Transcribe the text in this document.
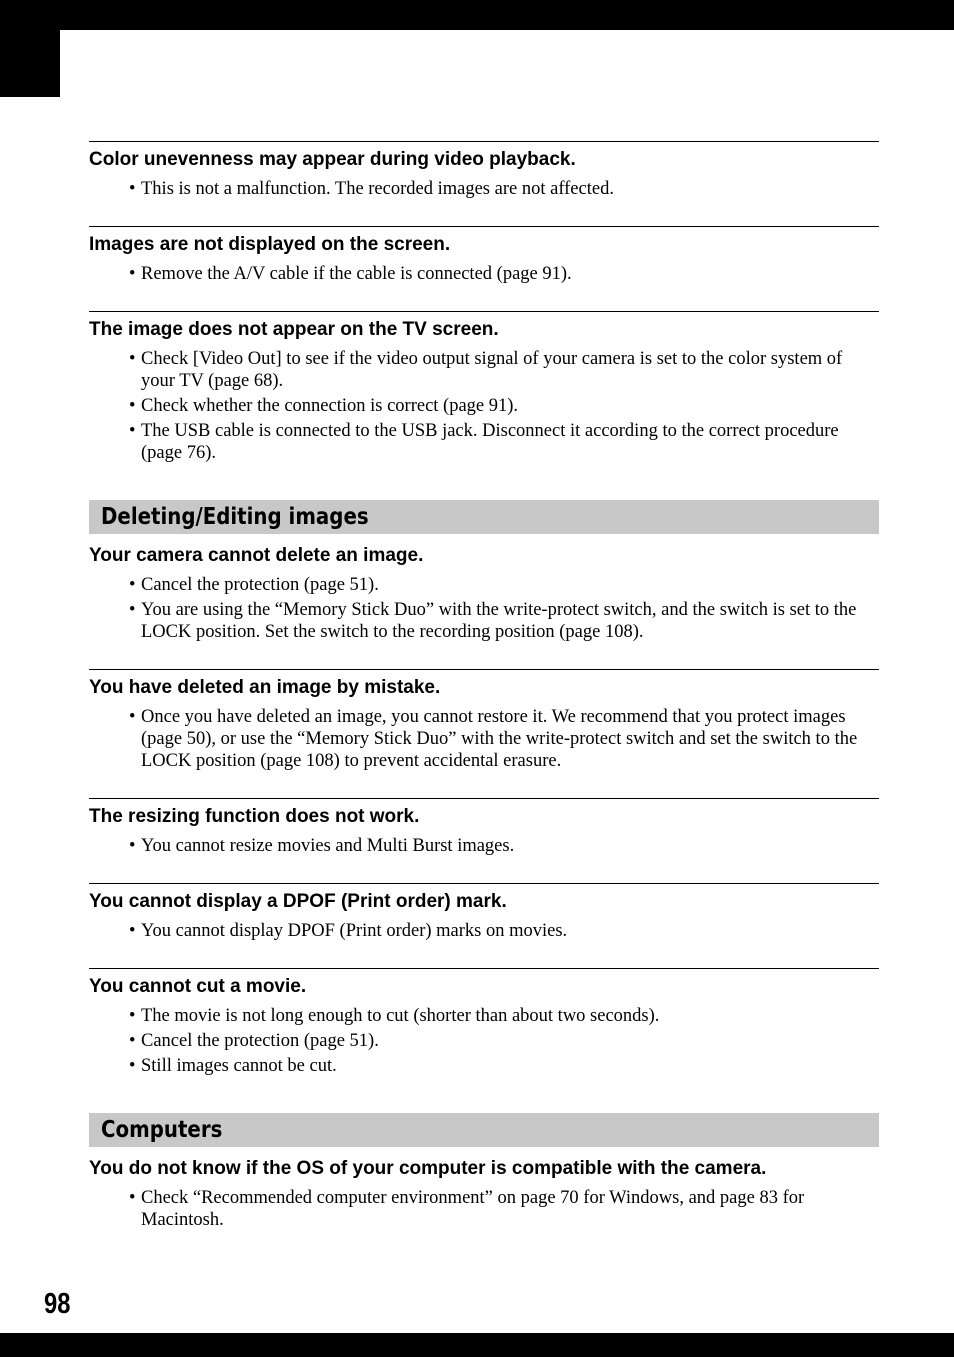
Color unevenness may appear during video playback.

• This is not a malfunction. The recorded images are not affected.

Images are not displayed on the screen.

• Remove the A/V cable if the cable is connected (page 91).

The image does not appear on the TV screen.

• Check [Video Out] to see if the video output signal of your camera is set to the color system of your TV (page 68).
• Check whether the connection is correct (page 91).
• The USB cable is connected to the USB jack. Disconnect it according to the correct procedure (page 76).
Deleting/Editing images

Your camera cannot delete an image.

• Cancel the protection (page 51).
• You are using the “Memory Stick Duo” with the write-protect switch, and the switch is set to the LOCK position. Set the switch to the recording position (page 108).

You have deleted an image by mistake.

• Once you have deleted an image, you cannot restore it. We recommend that you protect images (page 50), or use the “Memory Stick Duo” with the write-protect switch and set the switch to the LOCK position (page 108) to prevent accidental erasure.

The resizing function does not work.

• You cannot resize movies and Multi Burst images.

You cannot display a DPOF (Print order) mark.

• You cannot display DPOF (Print order) marks on movies.

You cannot cut a movie.

• The movie is not long enough to cut (shorter than about two seconds).
• Cancel the protection (page 51).
• Still images cannot be cut.
Computers

You do not know if the OS of your computer is compatible with the camera.

• Check “Recommended computer environment” on page 70 for Windows, and page 83 for Macintosh.
98
